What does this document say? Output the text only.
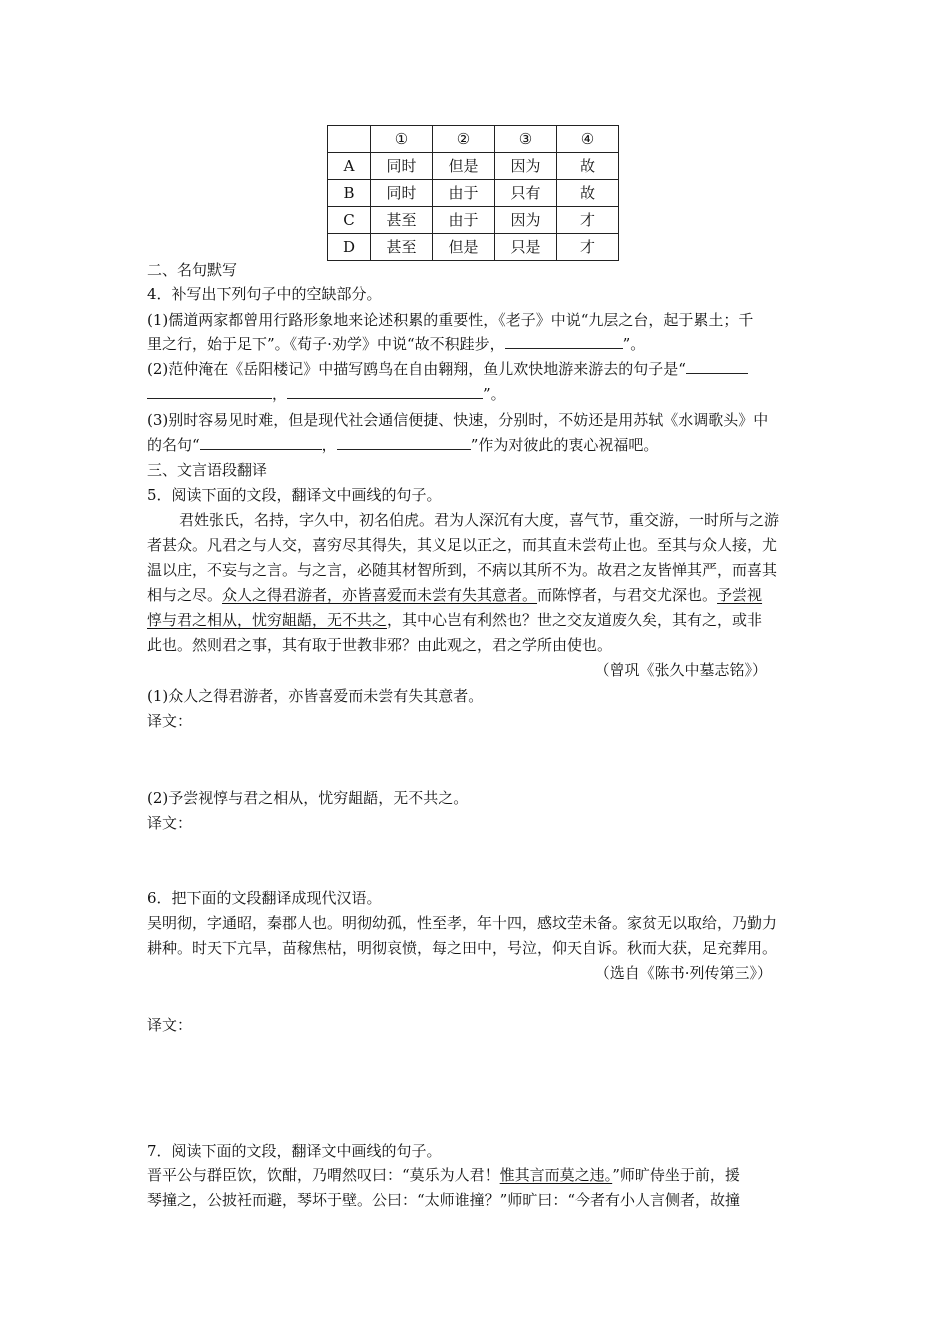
	①	②	③	④
A	同时	但是	因为	故
B	同时	由于	只有	故
C	甚至	由于	因为	才
D	甚至	但是	只是	才
二、名句默写
4．补写出下列句子中的空缺部分。
(1)儒道两家都曾用行路形象地来论述积累的重要性，《老子》中说“九层之台，起于累土；千
里之行，始于足下”。《荀子·劝学》中说“故不积跬步，	”。
(2)范仲淹在《岳阳楼记》中描写鸥鸟在自由翱翔，鱼儿欢快地游来游去的句子是“
，	”。
(3)别时容易见时难，但是现代社会通信便捷、快速，分别时，不妨还是用苏轼《水调歌头》中
的名句“	，	”作为对彼此的衷心祝福吧。
三、文言语段翻译
5．阅读下面的文段，翻译文中画线的句子。
君姓张氏，名持，字久中，初名伯虎。君为人深沉有大度，喜气节，重交游，一时所与之游
者甚众。凡君之与人交，喜穷尽其得失，其义足以正之，而其直未尝苟止也。至其与众人接，尤
温以庄，不妄与之言。与之言，必随其材智所到，不病以其所不为。故君之友皆惮其严，而喜其
相与之尽。众人之得君游者，亦皆喜爱而未尝有失其意者。而陈惇者，与君交尤深也。予尝视
惇与君之相从，忧穷龃龉，无不共之，其中心岂有利然也？世之交友道废久矣，其有之，或非
此也。然则君之事，其有取于世教非邪？由此观之，君之学所由使也。
（曾巩《张久中墓志铭》）
(1)众人之得君游者，亦皆喜爱而未尝有失其意者。
译文：
(2)予尝视惇与君之相从，忧穷龃龉，无不共之。
译文：
6．把下面的文段翻译成现代汉语。
吴明彻，字通昭，秦郡人也。明彻幼孤，性至孝，年十四，感坟茔未备。家贫无以取给，乃勤力
耕种。时天下亢旱，苗稼焦枯，明彻哀愤，每之田中，号泣，仰天自诉。秋而大获，足充葬用。
（选自《陈书·列传第三》）
译文：
7．阅读下面的文段，翻译文中画线的句子。
晋平公与群臣饮，饮酣，乃喟然叹曰：“莫乐为人君！惟其言而莫之违。”师旷侍坐于前，援
琴撞之，公披衽而避，琴坏于壁。公曰：“太师谁撞？”师旷曰：“今者有小人言侧者，故撞
